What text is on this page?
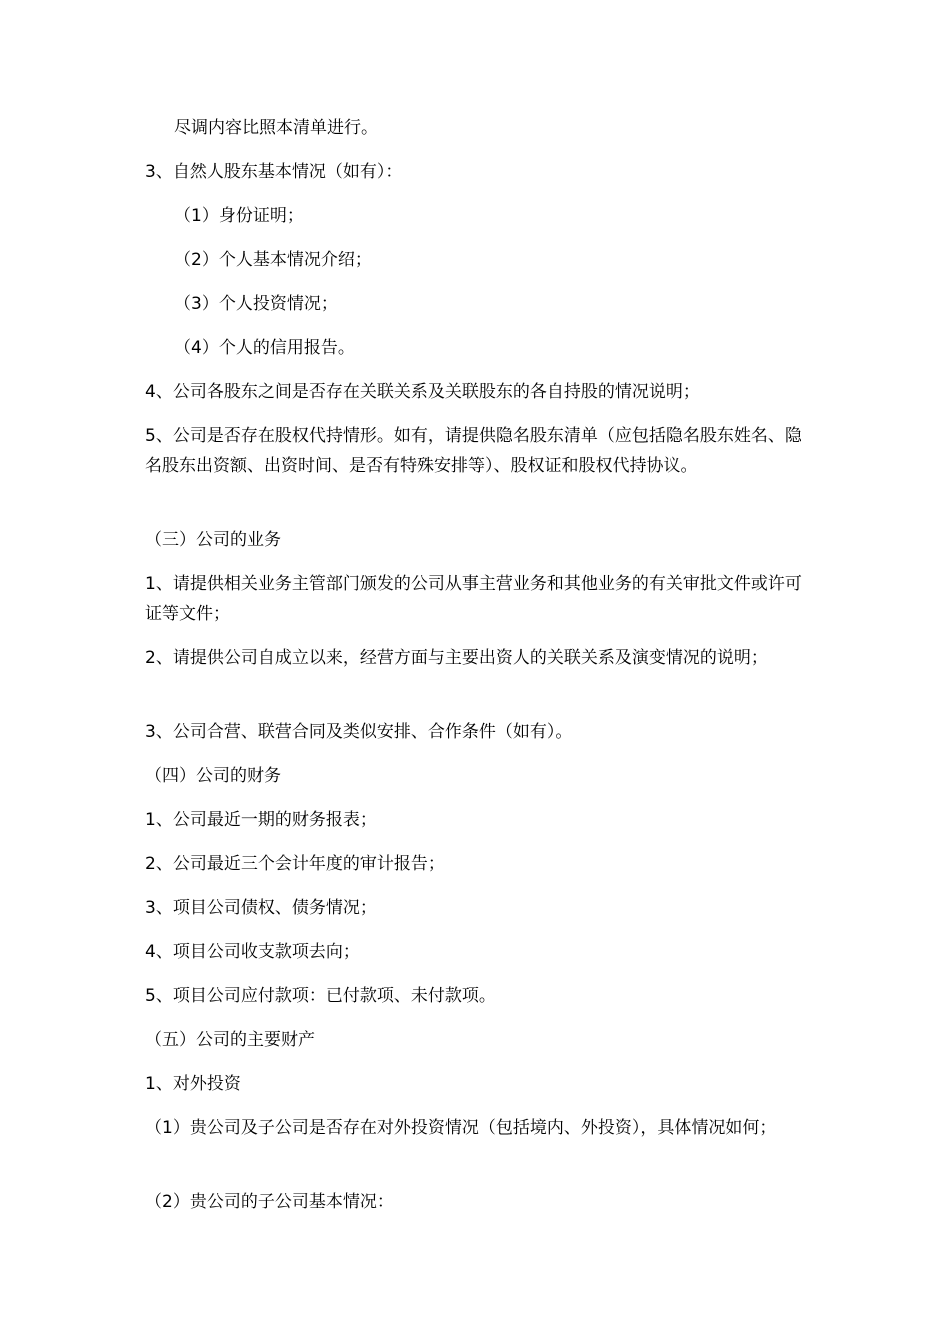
尽调内容比照本清单进行。

3、自然人股东基本情况（如有）：

（1）身份证明；

（2）个人基本情况介绍；

（3）个人投资情况；

（4）个人的信用报告。

4、公司各股东之间是否存在关联关系及关联股东的各自持股的情况说明；

5、公司是否存在股权代持情形。如有，请提供隐名股东清单（应包括隐名股东姓名、隐名股东出资额、出资时间、是否有特殊安排等）、股权证和股权代持协议。

（三）公司的业务

1、请提供相关业务主管部门颁发的公司从事主营业务和其他业务的有关审批文件或许可证等文件；

2、请提供公司自成立以来，经营方面与主要出资人的关联关系及演变情况的说明；

3、公司合营、联营合同及类似安排、合作条件（如有）。

（四）公司的财务

1、公司最近一期的财务报表；

2、公司最近三个会计年度的审计报告；

3、项目公司债权、债务情况；

4、项目公司收支款项去向；

5、项目公司应付款项：已付款项、未付款项。

（五）公司的主要财产

1、对外投资

（1）贵公司及子公司是否存在对外投资情况（包括境内、外投资），具体情况如何；

（2）贵公司的子公司基本情况：
